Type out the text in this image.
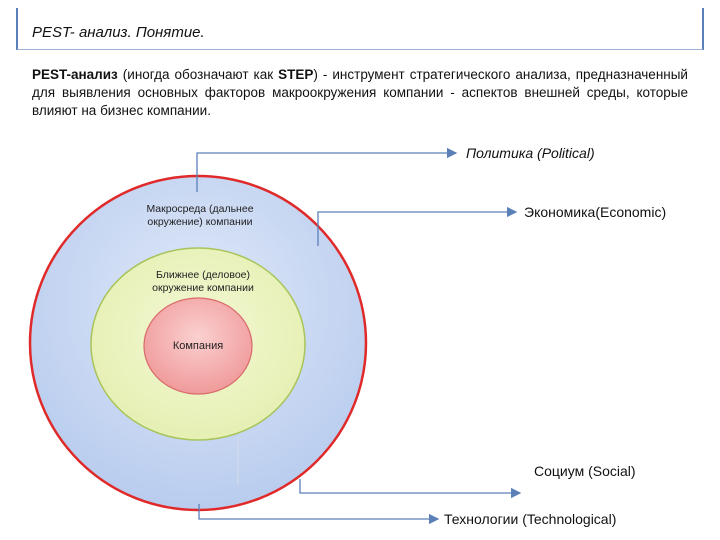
PEST- анализ. Понятие.
PEST-анализ (иногда обозначают как STEP) - инструмент стратегического анализа, предназначенный для выявления основных факторов макроокружения компании - аспектов внешней среды, которые влияют на бизнес компании.
Макросреда (дальнее окружение) компании
Ближнее (деловое) окружение компании
Компания
Политика (Political)
Экономика(Economic)
Социум (Social)
Технологии (Technological)
